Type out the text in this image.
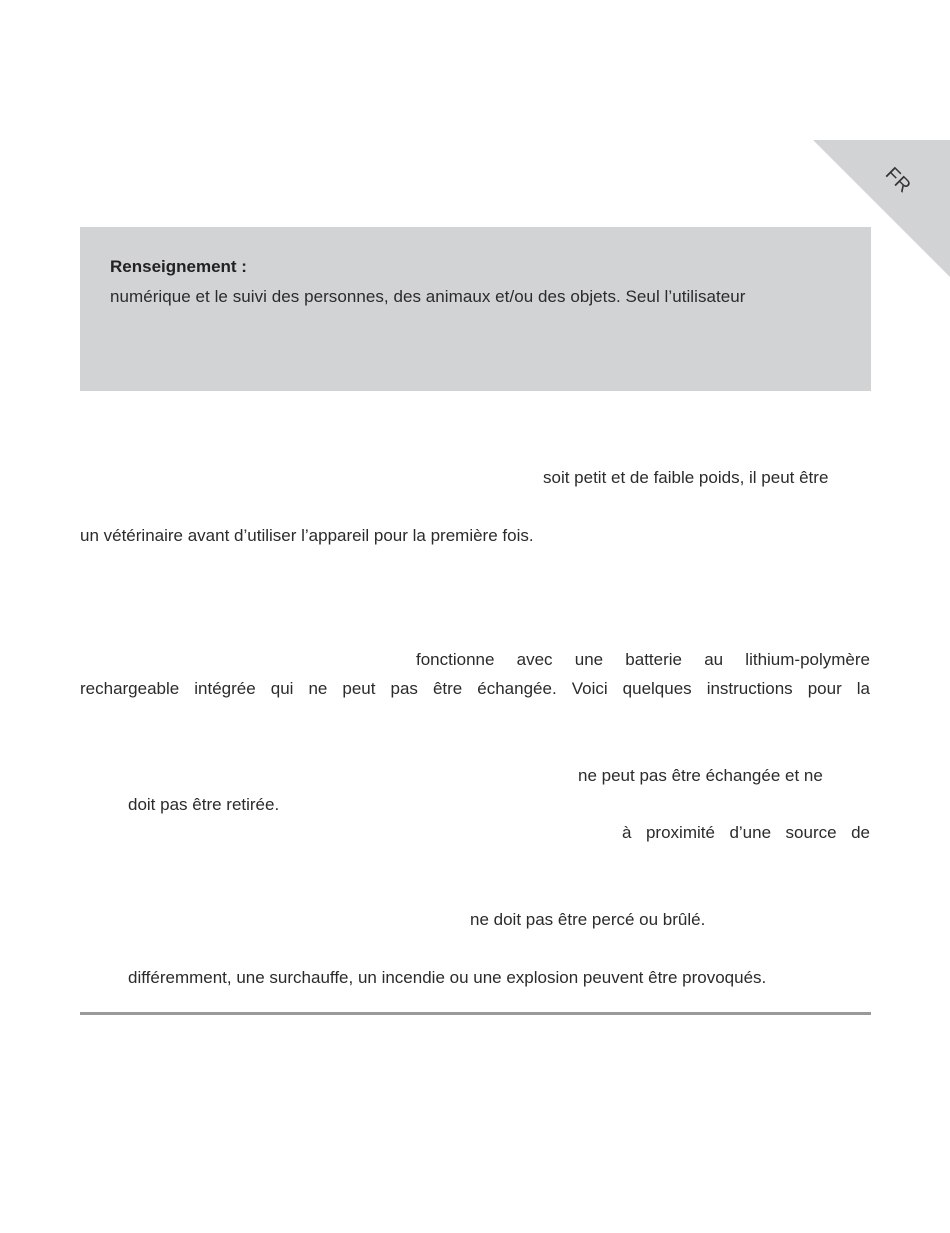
FR
Renseignement :
numérique et le suivi des personnes, des animaux et/ou des objets. Seul l’utilisateur
soit petit et de faible poids, il peut être
un vétérinaire avant d’utiliser l’appareil pour la première fois.
fonctionne avec une batterie au lithium-polymère
rechargeable intégrée qui ne peut pas être échangée. Voici quelques instructions pour la
ne peut pas être échangée et ne
doit pas être retirée.
à proximité d’une source de
ne doit pas être percé ou brûlé.
différemment, une surchauffe, un incendie ou une explosion peuvent être provoqués.
